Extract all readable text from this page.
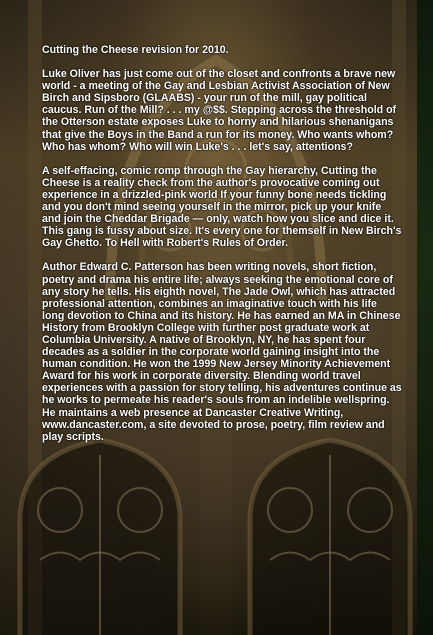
Cutting the Cheese revision for 2010.

Luke Oliver has just come out of the closet and confronts a brave new world - a meeting of the Gay and Lesbian Activist Association of New Birch and Sipsboro (GLAABS) - your run of the mill, gay political caucus. Run of the Mill? . . . my @$$. Stepping across the threshold of the Otterson estate exposes Luke to horny and hilarious shenanigans that give the Boys in the Band a run for its money. Who wants whom? Who has whom? Who will win Luke's . . . let's say, attentions?

A self-effacing, comic romp through the Gay hierarchy, Cutting the Cheese is a reality check from the author's provocative coming out experience in a drizzled-pink world If your funny bone needs tickling and you don't mind seeing yourself in the mirror, pick up your knife and join the Cheddar Brigade — only, watch how you slice and dice it. This gang is fussy about size. It's every one for themself in New Birch's Gay Ghetto. To Hell with Robert's Rules of Order.

Author Edward C. Patterson has been writing novels, short fiction, poetry and drama his entire life; always seeking the emotional core of any story he tells. His eighth novel, The Jade Owl, which has attracted professional attention, combines an imaginative touch with his life long devotion to China and its history. He has earned an MA in Chinese History from Brooklyn College with further post graduate work at Columbia University. A native of Brooklyn, NY, he has spent four decades as a soldier in the corporate world gaining insight into the human condition. He won the 1999 New Jersey Minority Achievement Award for his work in corporate diversity. Blending world travel experiences with a passion for story telling, his adventures continue as he works to permeate his reader's souls from an indelible wellspring. He maintains a web presence at Dancaster Creative Writing, www.dancaster.com, a site devoted to prose, poetry, film review and play scripts.
